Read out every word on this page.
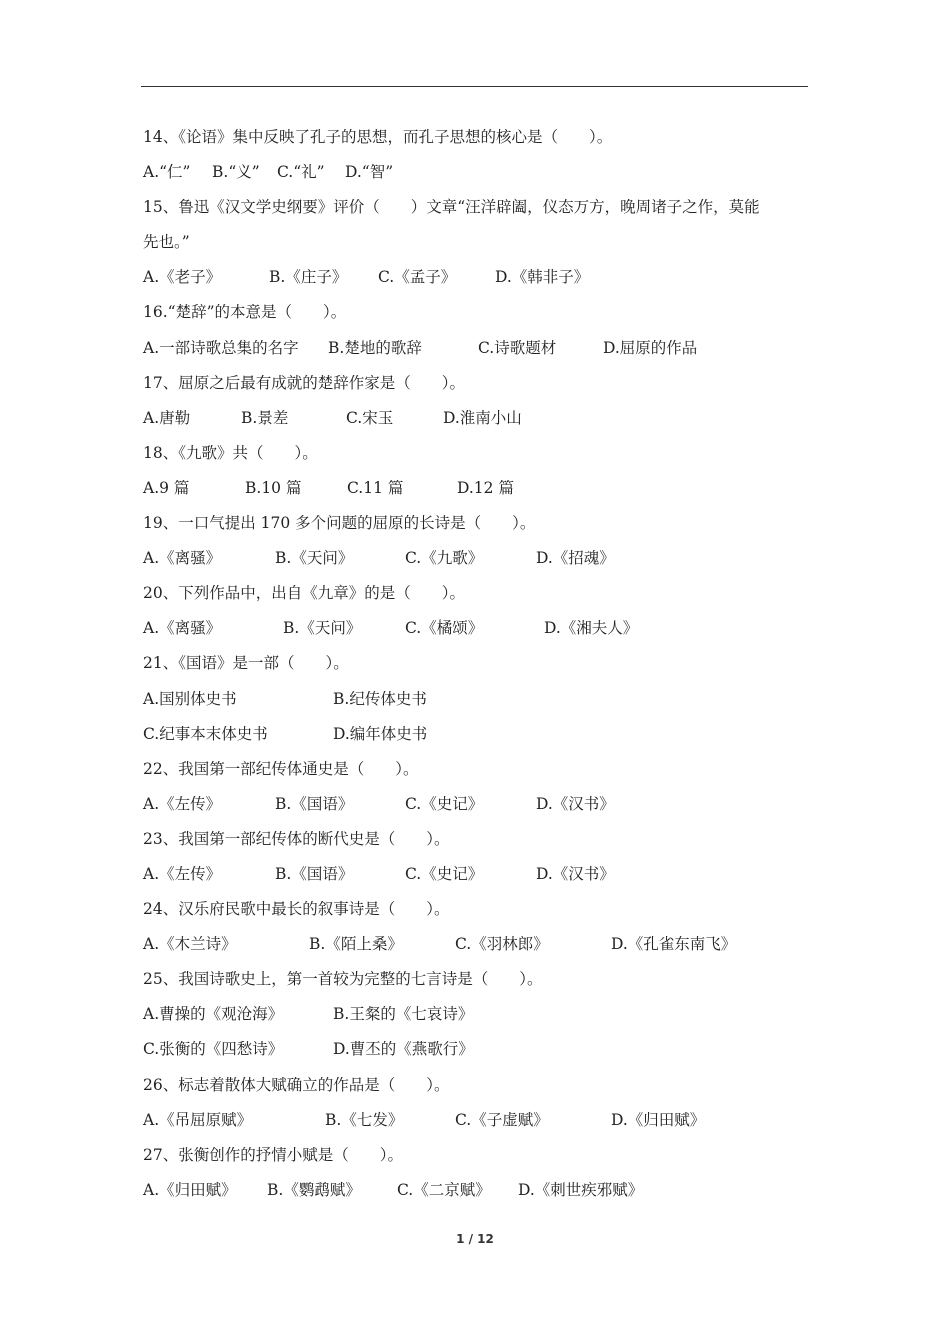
14、《论语》集中反映了孔子的思想，而孔子思想的核心是（　　）。
A.“仁” B.“义” C.“礼” D.“智”
15、鲁迅《汉文学史纲要》评价（　　）文章“汪洋辟阖，仪态万方，晚周诸子之作，莫能
先也。”
A.《老子》	B.《庄子》 C.《孟子》	D.《韩非子》
16.“楚辞”的本意是（　　）。
A.一部诗歌总集的名字 B.楚地的歌辞	C.诗歌题材	D.屈原的作品
17、屈原之后最有成就的楚辞作家是（　　）。
A.唐勒	B.景差	C.宋玉	D.淮南小山
18、《九歌》共（　　）。
A.9 篇	B.10 篇	C.11 篇	D.12 篇
19、一口气提出 170 多个问题的屈原的长诗是（　　）。
A.《离骚》	B.《天问》	C.《九歌》	D.《招魂》
20、下列作品中，出自《九章》的是（　　）。
A.《离骚》	B.《天问》	C.《橘颂》	D.《湘夫人》
21、《国语》是一部（　　）。
A.国别体史书	B.纪传体史书
C.纪事本末体史书	D.编年体史书
22、我国第一部纪传体通史是（　　）。
A.《左传》	B.《国语》	C.《史记》	D.《汉书》
23、我国第一部纪传体的断代史是（　　）。
A.《左传》	B.《国语》	C.《史记》	D.《汉书》
24、汉乐府民歌中最长的叙事诗是（　　）。
A.《木兰诗》	B.《陌上桑》	C.《羽林郎》	D.《孔雀东南飞》
25、我国诗歌史上，第一首较为完整的七言诗是（　　）。
A.曹操的《观沧海》	B.王粲的《七哀诗》
C.张衡的《四愁诗》	D.曹丕的《燕歌行》
26、标志着散体大赋确立的作品是（　　）。
A.《吊屈原赋》	B.《七发》	C.《子虚赋》	D.《归田赋》
27、张衡创作的抒情小赋是（　　）。
A.《归田赋》 B.《鹦鹉赋》 C.《二京赋》 D.《刺世疾邪赋》
1 / 12
